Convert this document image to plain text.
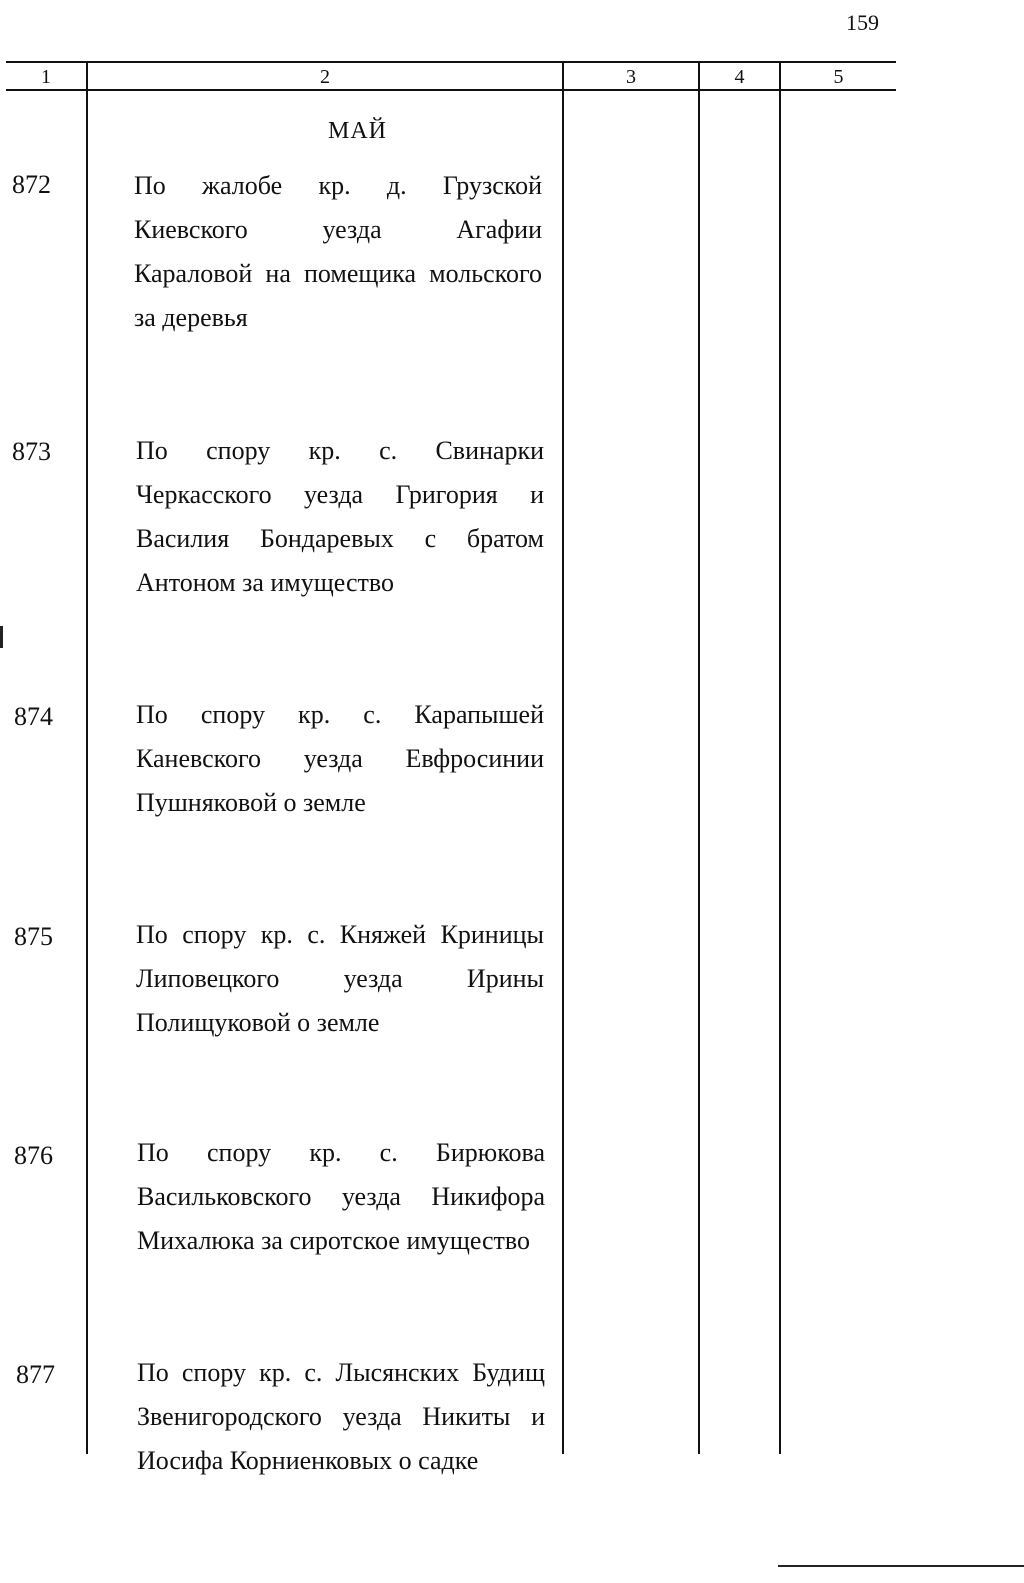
159
1	2	3	4	5
МАЙ
872	По жалобе кр. д. Грузской
Киевского уезда Агафии
Караловой на помещика мольского
за деревья
873	По спору кр. с. Свинарки
Черкасского уезда Григория и
Василия Бондаревых с братом
Антоном за имущество
874	По спору кр. с. Карапышей
Каневского уезда Евфросинии
Пушняковой о земле
875	По спору кр. с. Княжей Криницы
Липовецкого уезда Ирины
Полищуковой о земле
876	По спору кр. с. Бирюкова
Васильковского уезда Никифора
Михалюка за сиротское имущество
877	По спору кр. с. Лысянских Будищ
Звенигородского уезда Никиты и
Иосифа Корниенковых о садке
